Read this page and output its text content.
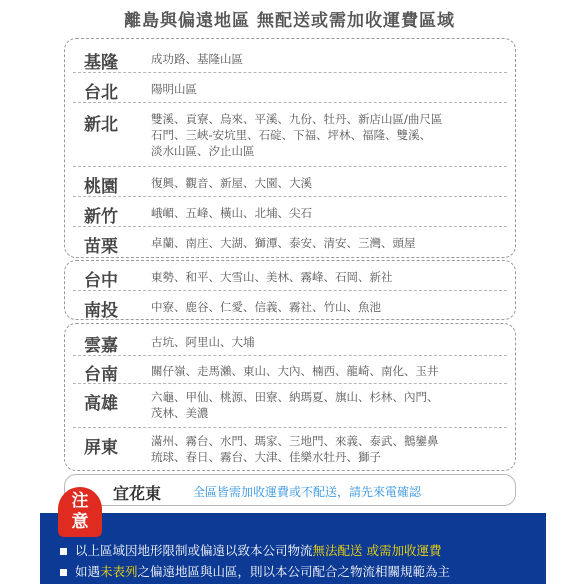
離島與偏遠地區 無配送或需加收運費區域
基隆	成功路、基隆山區
台北	陽明山區
新北	雙溪、貢寮、烏來、平溪、九份、牡丹、新店山區/曲尺區
石門、三峽-安坑里、石碇、下福、坪林、福隆、雙溪、
淡水山區、汐止山區
桃園	復興、觀音、新屋、大園、大溪
新竹	峨嵋、五峰、橫山、北埔、尖石
苗栗	卓蘭、南庄、大湖、獅潭、泰安、清安、三灣、頭屋
台中	東勢、和平、大雪山、美林、霧峰、石岡、新社
南投	中寮、鹿谷、仁愛、信義、霧社、竹山、魚池
雲嘉	古坑、阿里山、大埔
台南	關仔嶺、走馬瀨、東山、大內、楠西、龍崎、南化、玉井
高雄	六龜、甲仙、桃源、田寮、納瑪夏、旗山、杉林、內門、
茂林、美濃
屏東	滿州、霧台、水門、瑪家、三地門、來義、泰武、鵝鑾鼻
琉球、春日、霧台、大津、佳樂水牡丹、獅子
宜花東	全區皆需加收運費或不配送，請先來電確認
以上區域因地形限制或偏遠以致本公司物流無法配送 或需加收運費
如遇未表列之偏遠地區與山區，則以本公司配合之物流相關規範為主
注
意
